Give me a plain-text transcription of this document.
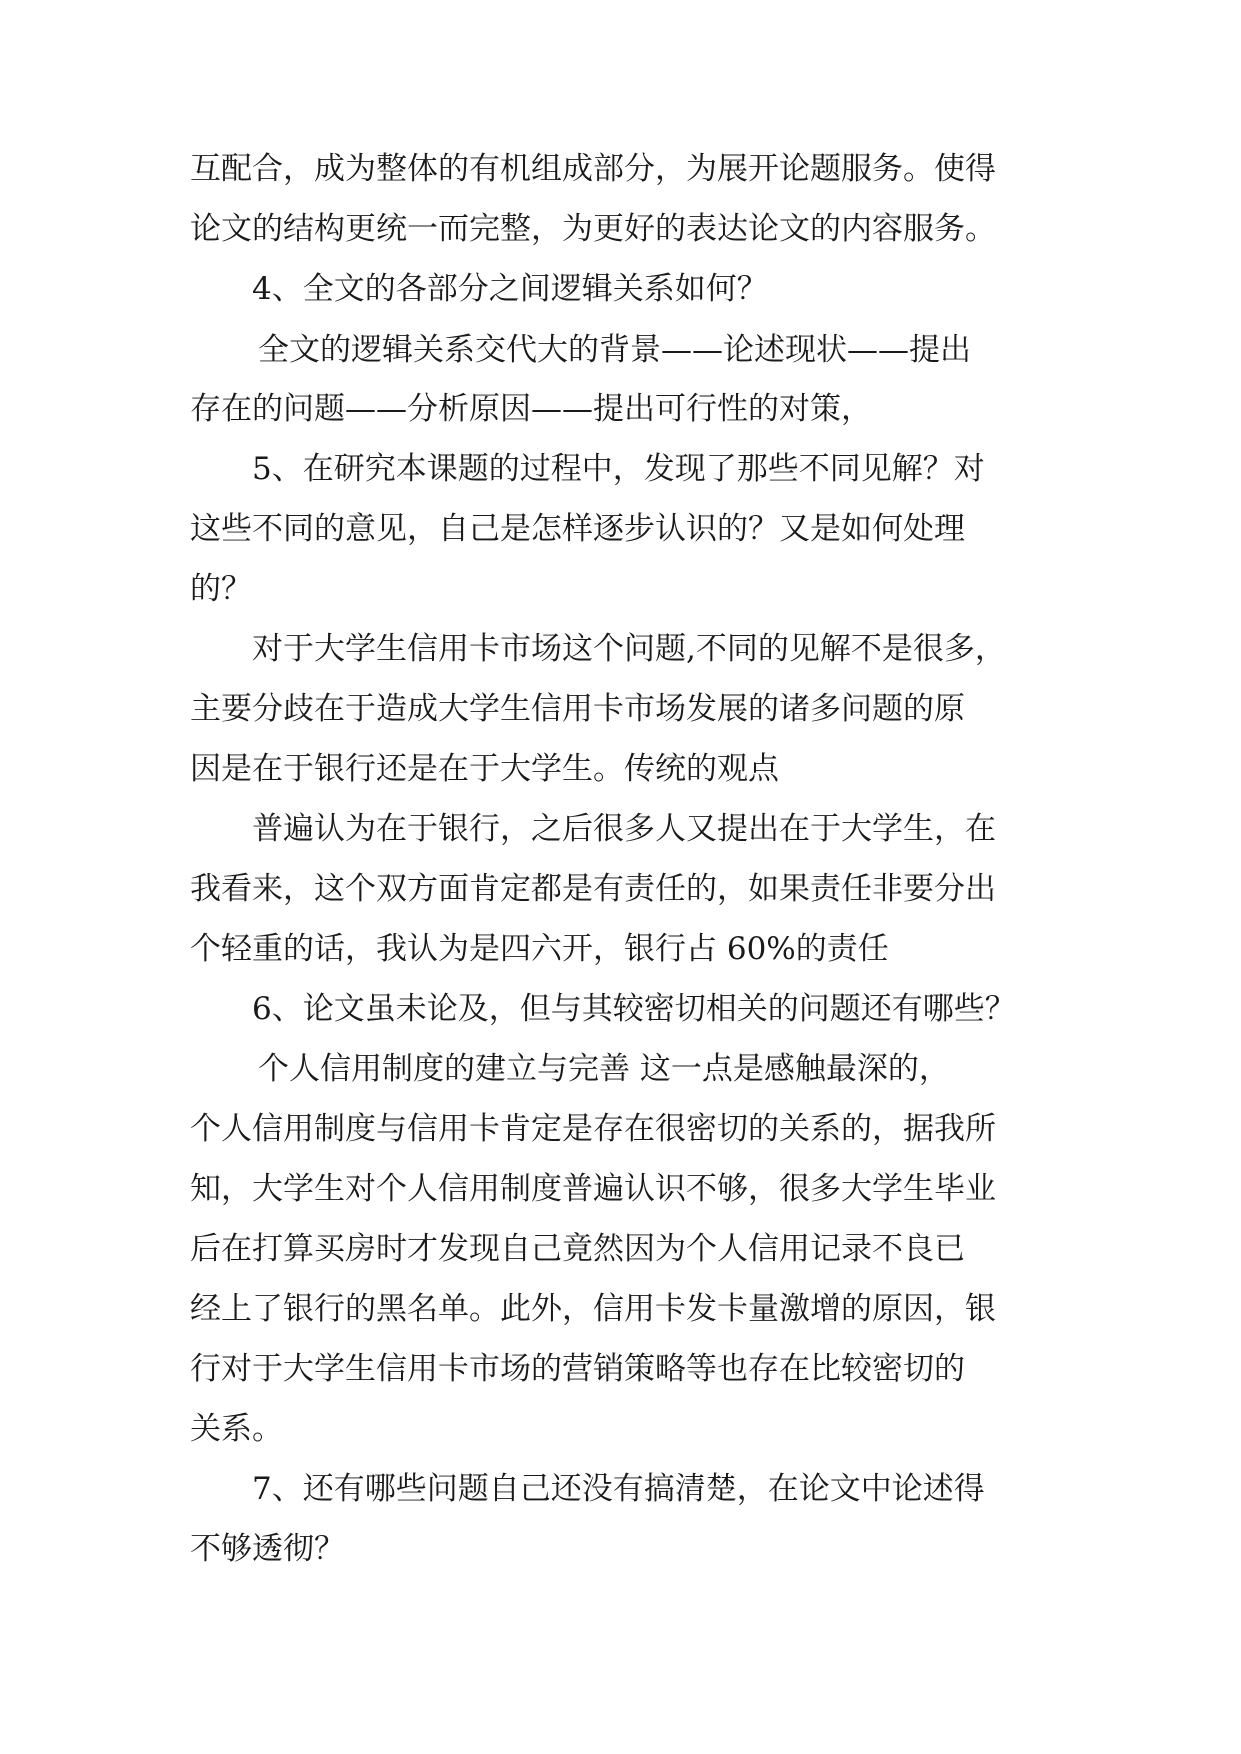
互配合，成为整体的有机组成部分，为展开论题服务。使得
论文的结构更统一而完整，为更好的表达论文的内容服务。
4、全文的各部分之间逻辑关系如何？
全文的逻辑关系交代大的背景——论述现状——提出
存在的问题——分析原因——提出可行性的对策，
5、在研究本课题的过程中，发现了那些不同见解？对
这些不同的意见，自己是怎样逐步认识的？又是如何处理
的？
对于大学生信用卡市场这个问题,不同的见解不是很多，
主要分歧在于造成大学生信用卡市场发展的诸多问题的原
因是在于银行还是在于大学生。传统的观点
普遍认为在于银行，之后很多人又提出在于大学生，在
我看来，这个双方面肯定都是有责任的，如果责任非要分出
个轻重的话，我认为是四六开，银行占 60%的责任
6、论文虽未论及，但与其较密切相关的问题还有哪些？
个人信用制度的建立与完善 这一点是感触最深的，
个人信用制度与信用卡肯定是存在很密切的关系的，据我所
知，大学生对个人信用制度普遍认识不够，很多大学生毕业
后在打算买房时才发现自己竟然因为个人信用记录不良已
经上了银行的黑名单。此外，信用卡发卡量激增的原因，银
行对于大学生信用卡市场的营销策略等也存在比较密切的
关系。
7、还有哪些问题自己还没有搞清楚，在论文中论述得
不够透彻？
